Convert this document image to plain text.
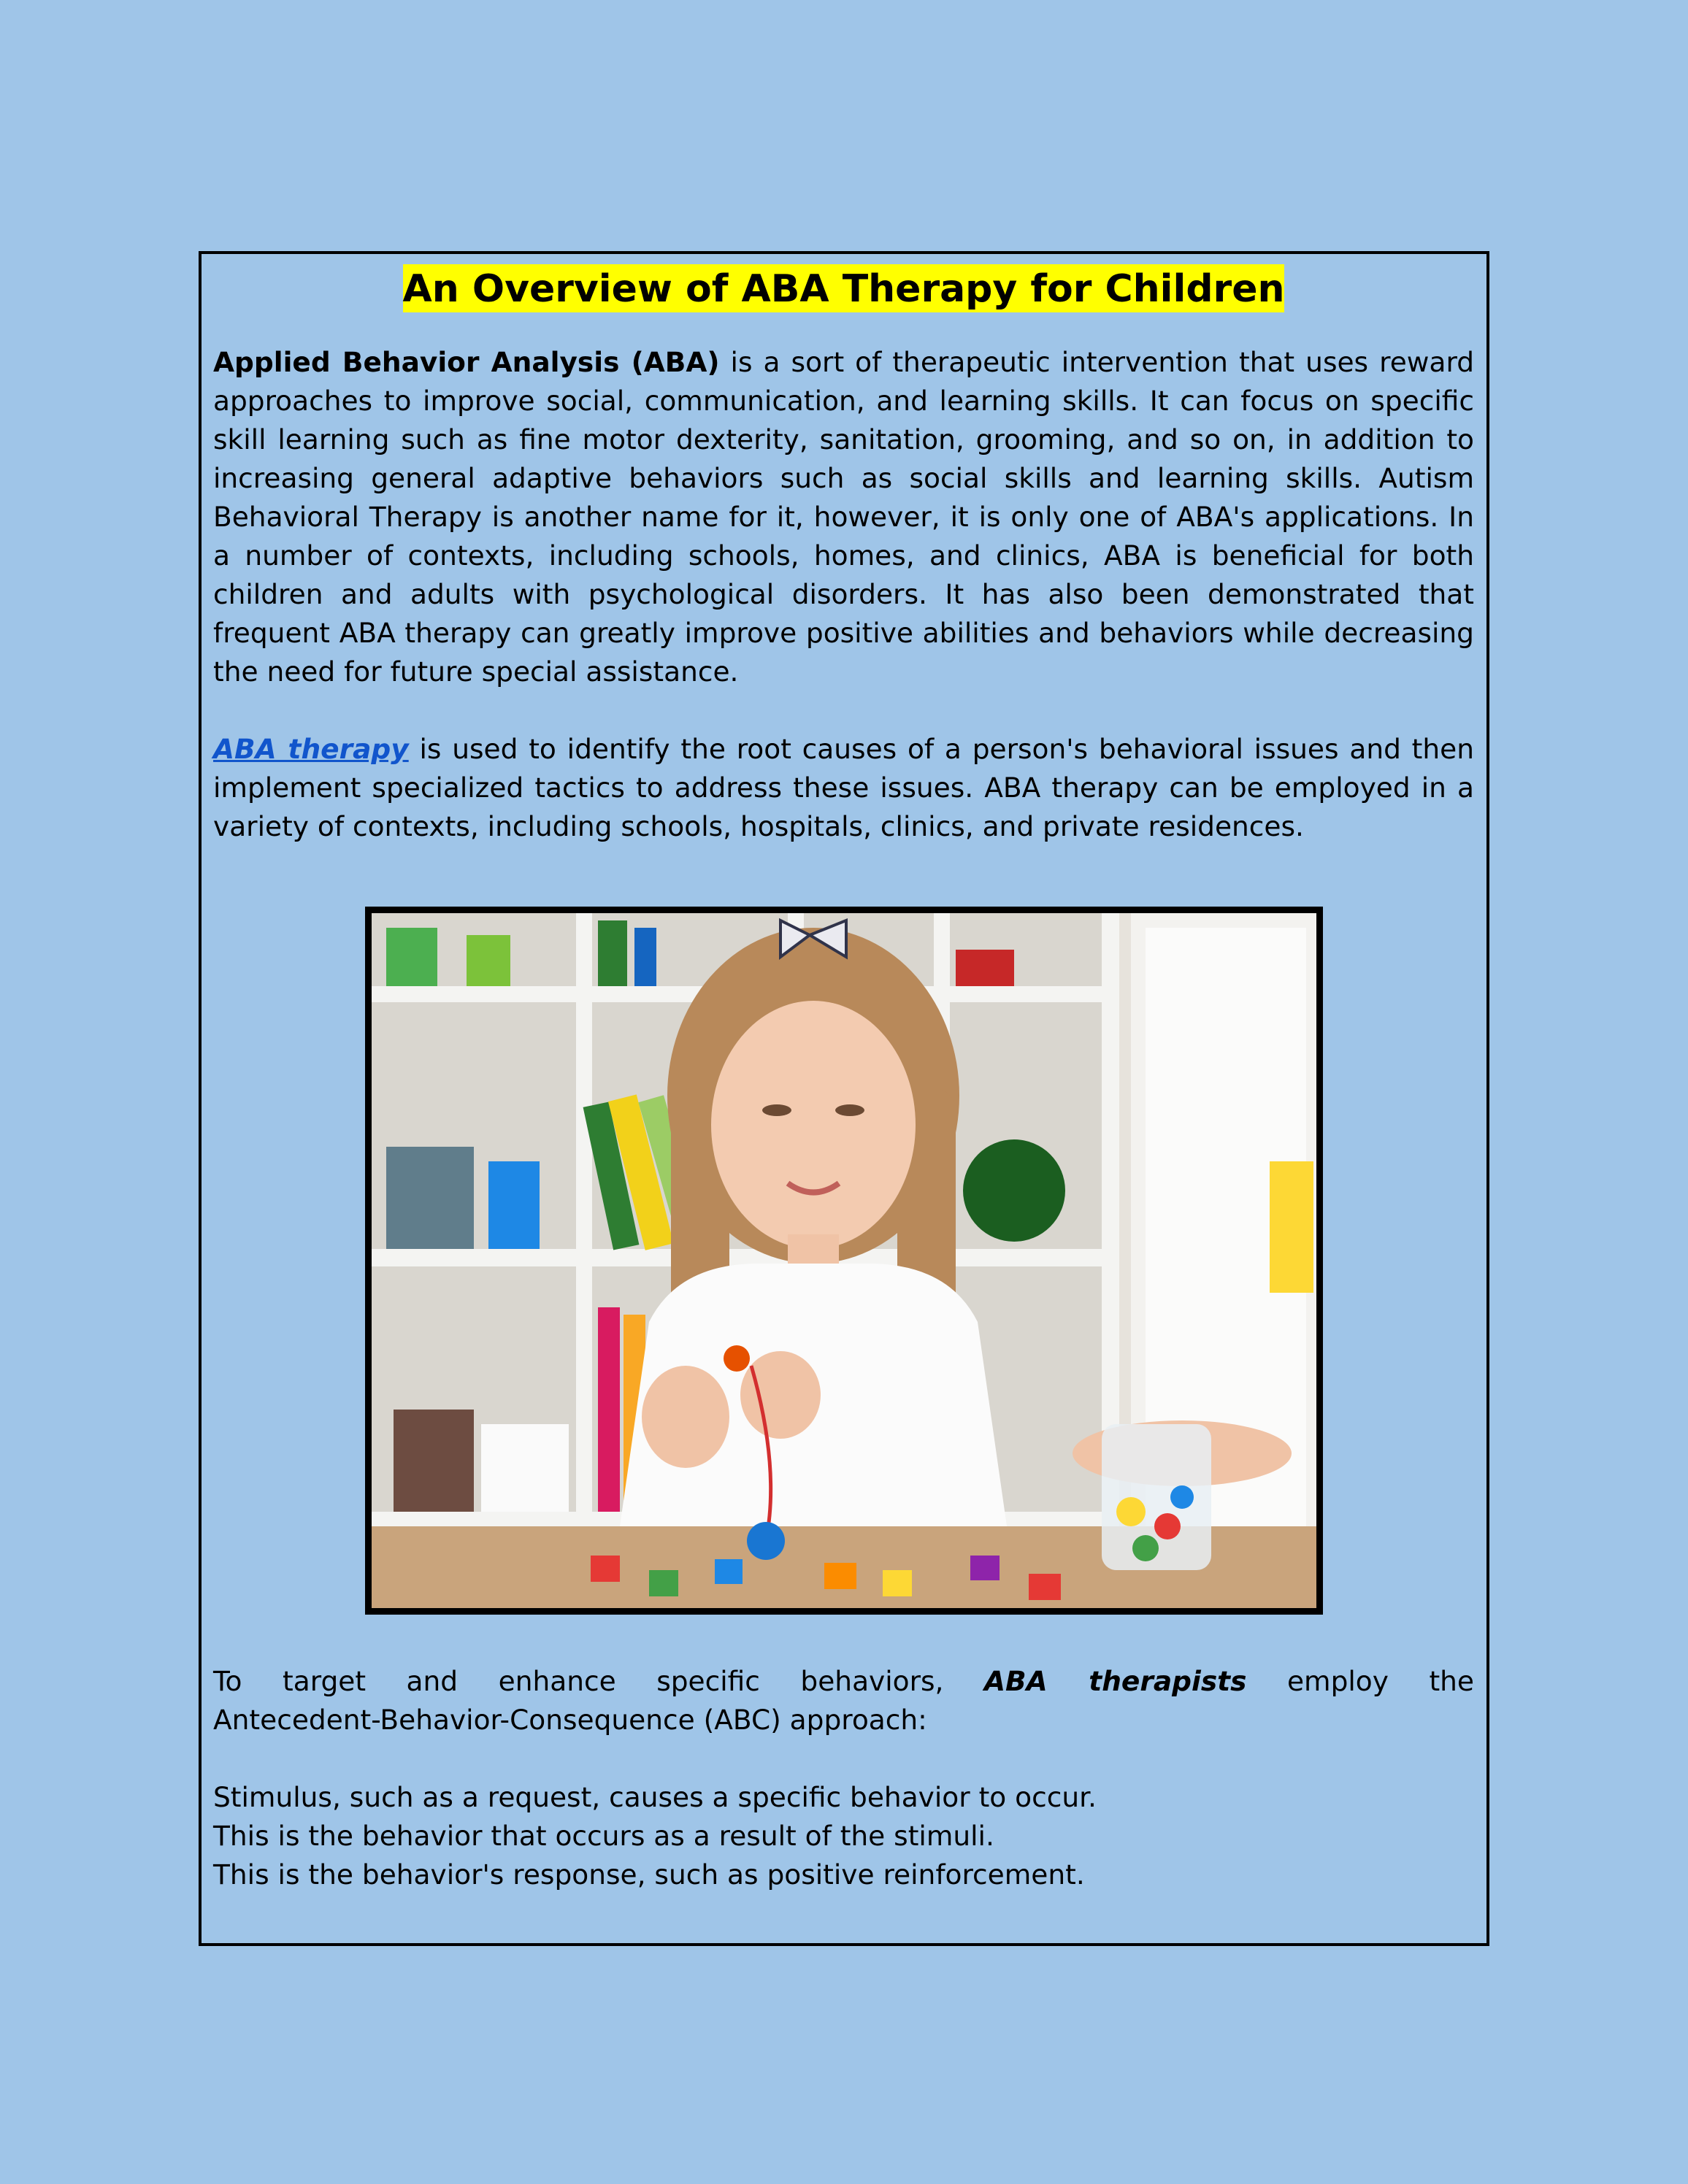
An Overview of ABA Therapy for Children

Applied Behavior Analysis (ABA) is a sort of therapeutic intervention that uses reward approaches to improve social, communication, and learning skills. It can focus on specific skill learning such as fine motor dexterity, sanitation, grooming, and so on, in addition to increasing general adaptive behaviors such as social skills and learning skills. Autism Behavioral Therapy is another name for it, however, it is only one of ABA's applications. In a number of contexts, including schools, homes, and clinics, ABA is beneficial for both children and adults with psychological disorders. It has also been demonstrated that frequent ABA therapy can greatly improve positive abilities and behaviors while decreasing the need for future special assistance.

ABA therapy is used to identify the root causes of a person's behavioral issues and then implement specialized tactics to address these issues. ABA therapy can be employed in a variety of contexts, including schools, hospitals, clinics, and private residences.

To target and enhance specific behaviors, ABA therapists employ the
Antecedent-Behavior-Consequence (ABC) approach:

Stimulus, such as a request, causes a specific behavior to occur.
This is the behavior that occurs as a result of the stimuli.
This is the behavior's response, such as positive reinforcement.
